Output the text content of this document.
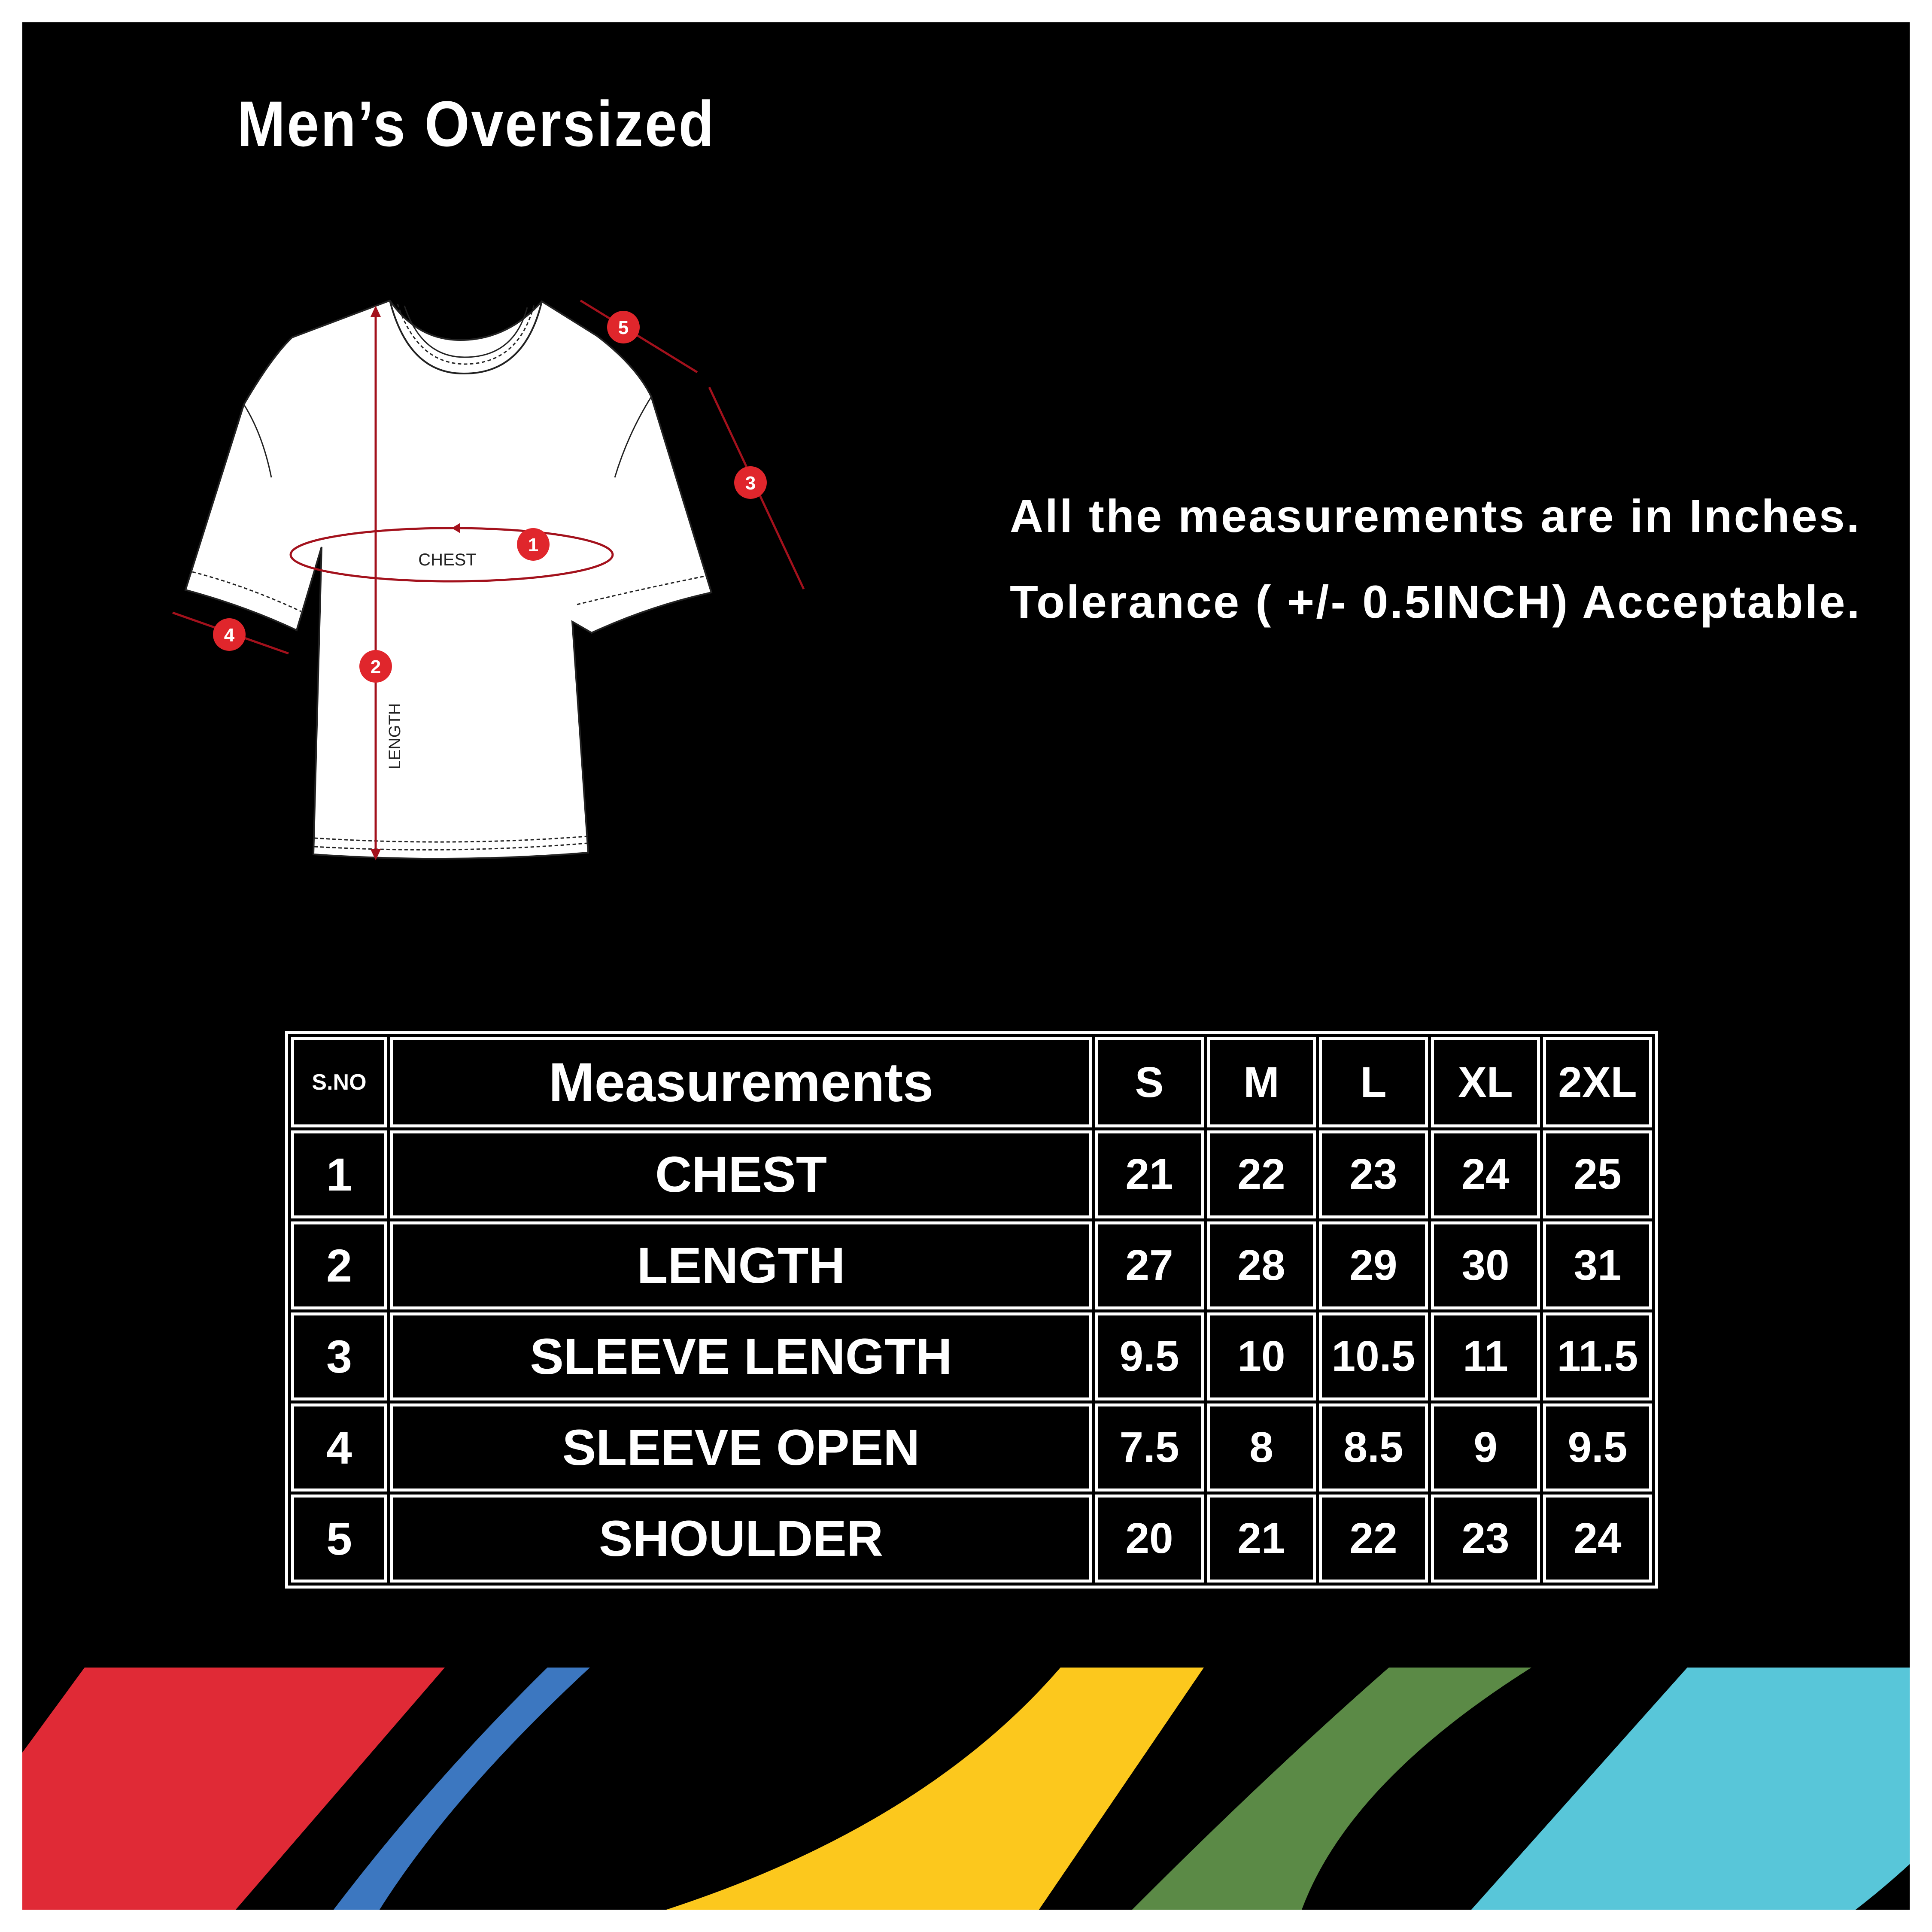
Men’s Oversized
CHEST
LENGTH
1
2
3
4
5
All the measurements are in Inches.
Tolerance ( +/- 0.5INCH) Acceptable.
S.NO	Measurements	S	M	L	XL	2XL
1	CHEST	21	22	23	24	25
2	LENGTH	27	28	29	30	31
3	SLEEVE LENGTH	9.5	10	10.5	11	11.5
4	SLEEVE OPEN	7.5	8	8.5	9	9.5
5	SHOULDER	20	21	22	23	24
